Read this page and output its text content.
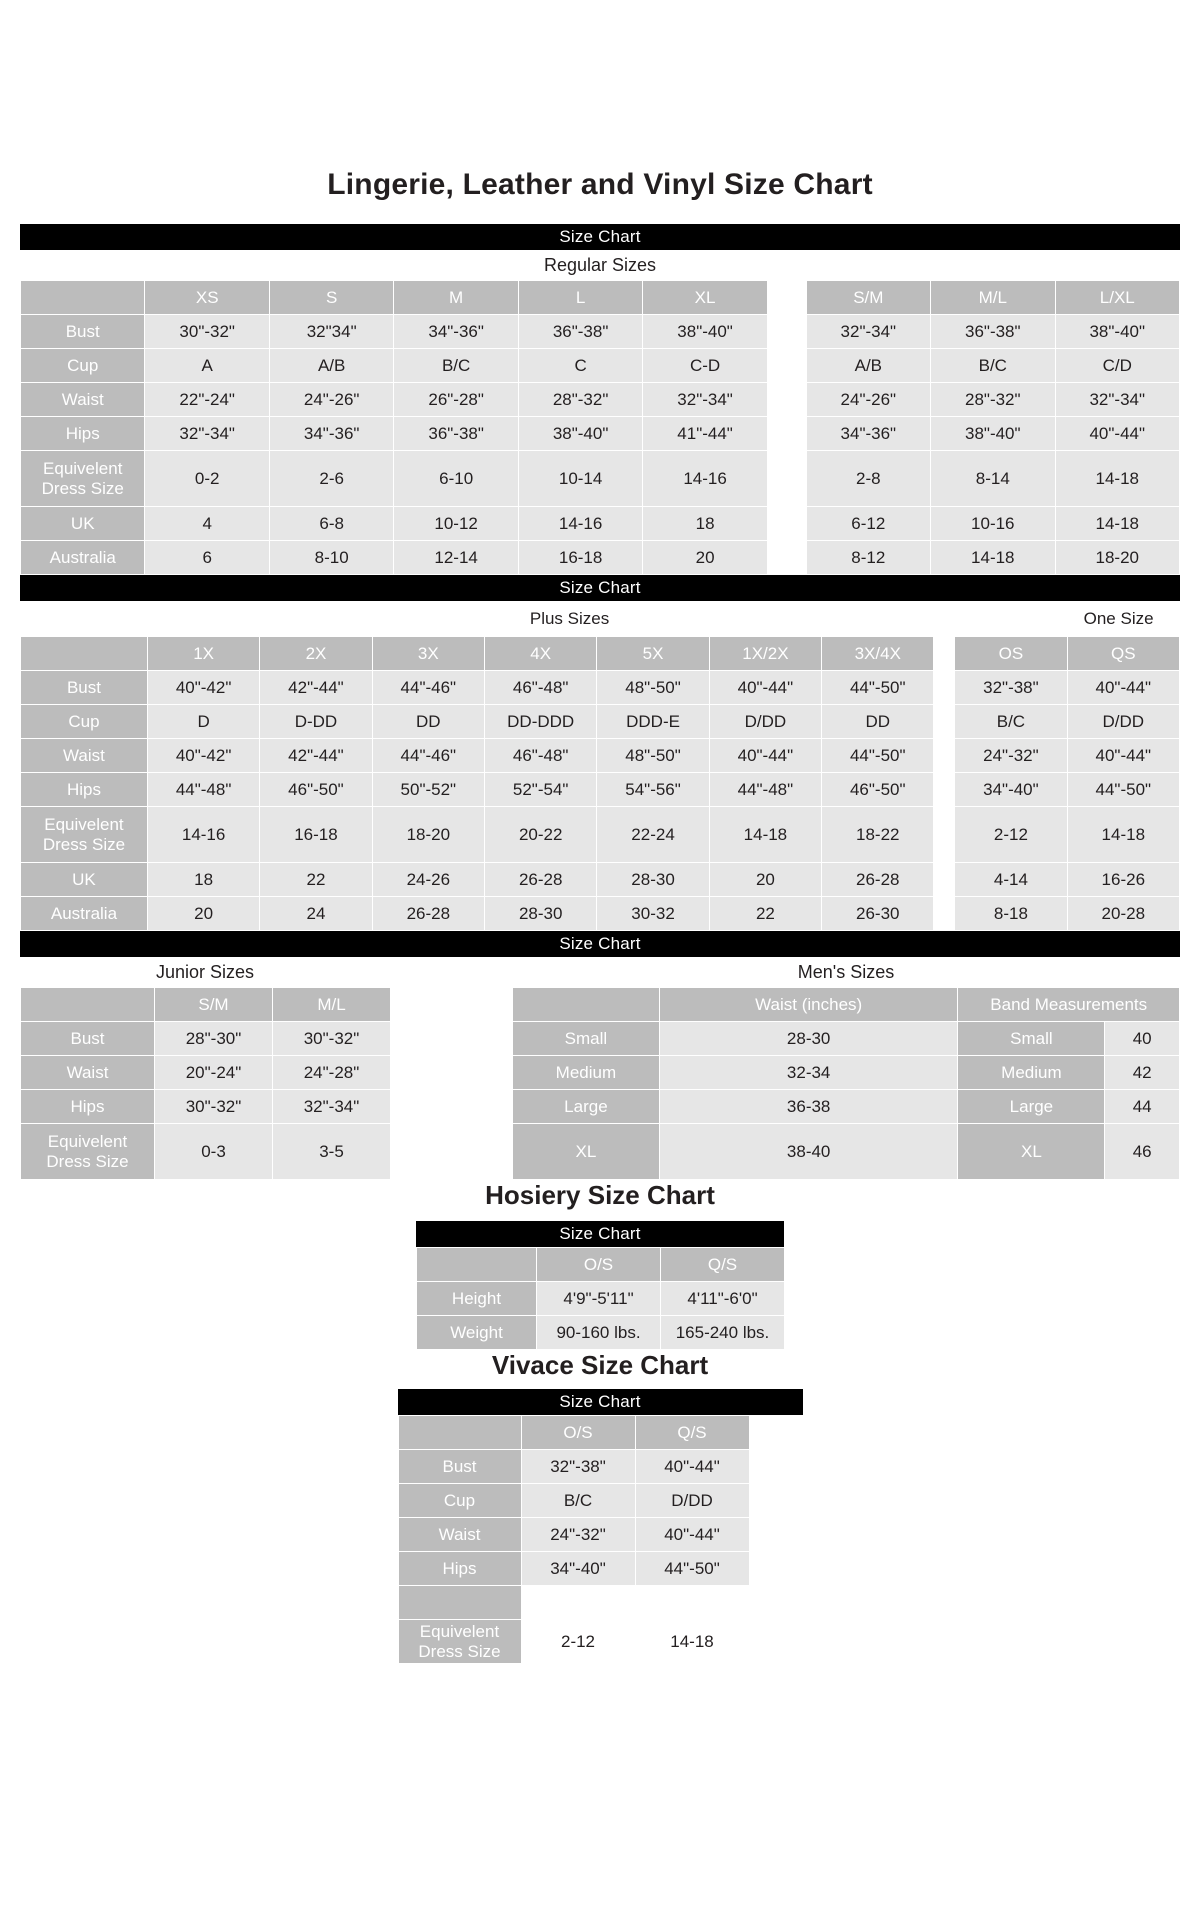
Lingerie, Leather and Vinyl Size Chart
Size Chart
Regular Sizes
	XS	S	M	L	XL		S/M	M/L	L/XL
Bust	30"-32"	32"34"	34"-36"	36"-38"	38"-40"		32"-34"	36"-38"	38"-40"
Cup	A	A/B	B/C	C	C-D		A/B	B/C	C/D
Waist	22"-24"	24"-26"	26"-28"	28"-32"	32"-34"		24"-26"	28"-32"	32"-34"
Hips	32"-34"	34"-36"	36"-38"	38"-40"	41"-44"		34"-36"	38"-40"	40"-44"
Equivelent
Dress Size	0-2	2-6	6-10	10-14	14-16		2-8	8-14	14-18
UK	4	6-8	10-12	14-16	18		6-12	10-16	14-18
Australia	6	8-10	12-14	16-18	20		8-12	14-18	18-20
Size Chart
	Plus Sizes	One Size
	1X	2X	3X	4X	5X	1X/2X	3X/4X		OS	QS
Bust	40"-42"	42"-44"	44"-46"	46"-48"	48"-50"	40"-44"	44"-50"		32"-38"	40"-44"
Cup	D	D-DD	DD	DD-DDD	DDD-E	D/DD	DD		B/C	D/DD
Waist	40"-42"	42"-44"	44"-46"	46"-48"	48"-50"	40"-44"	44"-50"		24"-32"	40"-44"
Hips	44"-48"	46"-50"	50"-52"	52"-54"	54"-56"	44"-48"	46"-50"		34"-40"	44"-50"
Equivelent
Dress Size	14-16	16-18	18-20	20-22	22-24	14-18	18-22		2-12	14-18
UK	18	22	24-26	26-28	28-30	20	26-28		4-14	16-26
Australia	20	24	26-28	28-30	30-32	22	26-30		8-18	20-28
Size Chart
Junior Sizes	Men's Sizes
	S/M	M/L
Bust	28"-30"	30"-32"
Waist	20"-24"	24"-28"
Hips	30"-32"	32"-34"
Equivelent
Dress Size	0-3	3-5
	Waist (inches)	Band Measurements	
Small	28-30	Small	40
Medium	32-34	Medium	42
Large	36-38	Large	44
XL	38-40	XL	46
Hosiery Size Chart
Size Chart
	O/S	Q/S
Height	4'9"-5'11"	4'11"-6'0"
Weight	90-160 lbs.	165-240 lbs.
Vivace Size Chart
Size Chart
	O/S	Q/S	
Bust	32"-38"	40"-44"	
Cup	B/C	D/DD	
Waist	24"-32"	40"-44"	
Hips	34"-40"	44"-50"	

Equivelent
Dress Size	2-12	14-18	
